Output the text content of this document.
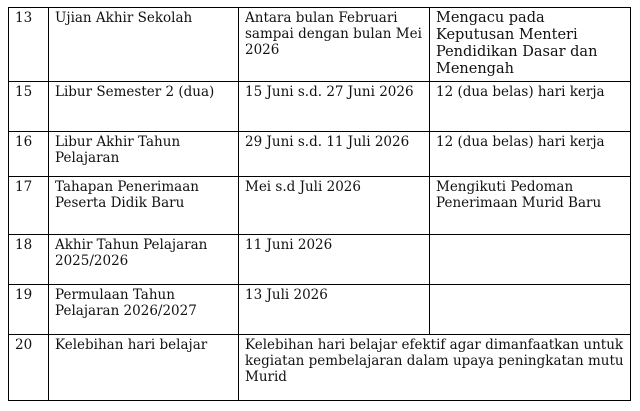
13	Ujian Akhir Sekolah	Antara bulan Februari sampai dengan bulan Mei 2026	Mengacu pada Keputusan Menteri Pendidikan Dasar dan Menengah
15	Libur Semester 2 (dua)	15 Juni s.d. 27 Juni 2026	12 (dua belas) hari kerja
16	Libur Akhir Tahun Pelajaran	29 Juni s.d. 11 Juli 2026	12 (dua belas) hari kerja
17	Tahapan Penerimaan Peserta Didik Baru	Mei s.d Juli 2026	Mengikuti Pedoman Penerimaan Murid Baru
18	Akhir Tahun Pelajaran 2025/2026	11 Juni 2026	
19	Permulaan Tahun Pelajaran 2026/2027	13 Juli 2026	
20	Kelebihan hari belajar	Kelebihan hari belajar efektif agar dimanfaatkan untuk kegiatan pembelajaran dalam upaya peningkatan mutu Murid	
